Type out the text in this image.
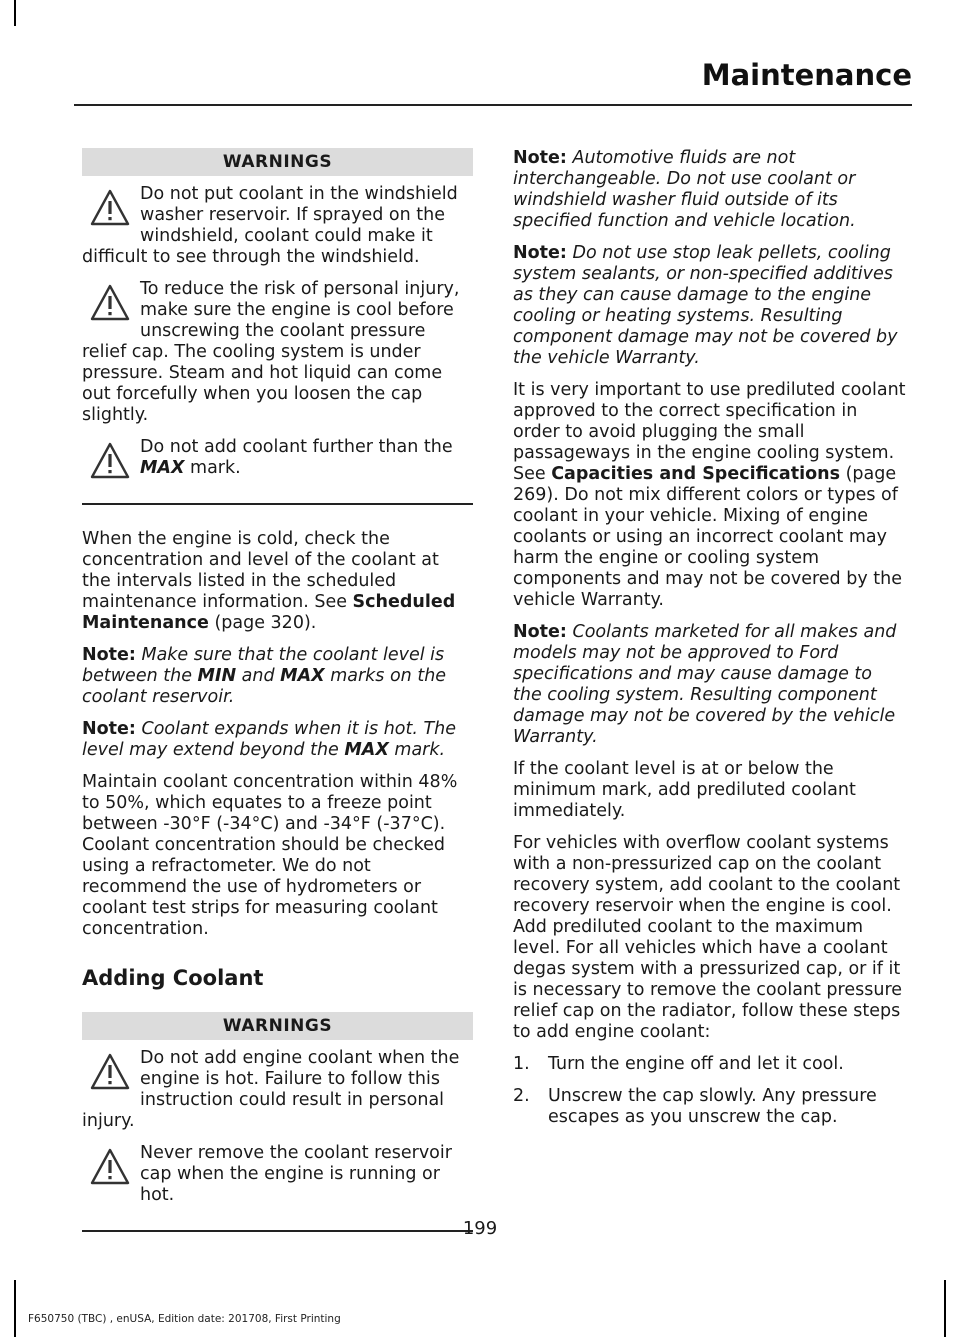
Maintenance
WARNINGS

Do not put coolant in the windshield washer reservoir. If sprayed on the windshield, coolant could make it difficult to see through the windshield.

To reduce the risk of personal injury, make sure the engine is cool before unscrewing the coolant pressure relief cap. The cooling system is under pressure. Steam and hot liquid can come out forcefully when you loosen the cap slightly.

Do not add coolant further than the MAX mark.

When the engine is cold, check the concentration and level of the coolant at the intervals listed in the scheduled maintenance information. See Scheduled Maintenance (page 320).

Note: Make sure that the coolant level is between the MIN and MAX marks on the coolant reservoir.

Note: Coolant expands when it is hot. The level may extend beyond the MAX mark.

Maintain coolant concentration within 48% to 50%, which equates to a freeze point between -30°F (-34°C) and -34°F (-37°C). Coolant concentration should be checked using a refractometer. We do not recommend the use of hydrometers or coolant test strips for measuring coolant concentration.

Adding Coolant
WARNINGS

Do not add engine coolant when the engine is hot. Failure to follow this instruction could result in personal injury.

Never remove the coolant reservoir cap when the engine is running or hot.

Note: Automotive fluids are not interchangeable. Do not use coolant or windshield washer fluid outside of its specified function and vehicle location.

Note: Do not use stop leak pellets, cooling system sealants, or non-specified additives as they can cause damage to the engine cooling or heating systems. Resulting component damage may not be covered by the vehicle Warranty.

It is very important to use prediluted coolant approved to the correct specification in order to avoid plugging the small passageways in the engine cooling system. See Capacities and Specifications (page 269). Do not mix different colors or types of coolant in your vehicle. Mixing of engine coolants or using an incorrect coolant may harm the engine or cooling system components and may not be covered by the vehicle Warranty.

Note: Coolants marketed for all makes and models may not be approved to Ford specifications and may cause damage to the cooling system. Resulting component damage may not be covered by the vehicle Warranty.

If the coolant level is at or below the minimum mark, add prediluted coolant immediately.

For vehicles with overflow coolant systems with a non-pressurized cap on the coolant recovery system, add coolant to the coolant recovery reservoir when the engine is cool. Add prediluted coolant to the maximum level. For all vehicles which have a coolant degas system with a pressurized cap, or if it is necessary to remove the coolant pressure relief cap on the radiator, follow these steps to add engine coolant:

1.	Turn the engine off and let it cool.
2.	Unscrew the cap slowly. Any pressure escapes as you unscrew the cap.
199
F650750 (TBC) , enUSA, Edition date: 201708, First Printing
